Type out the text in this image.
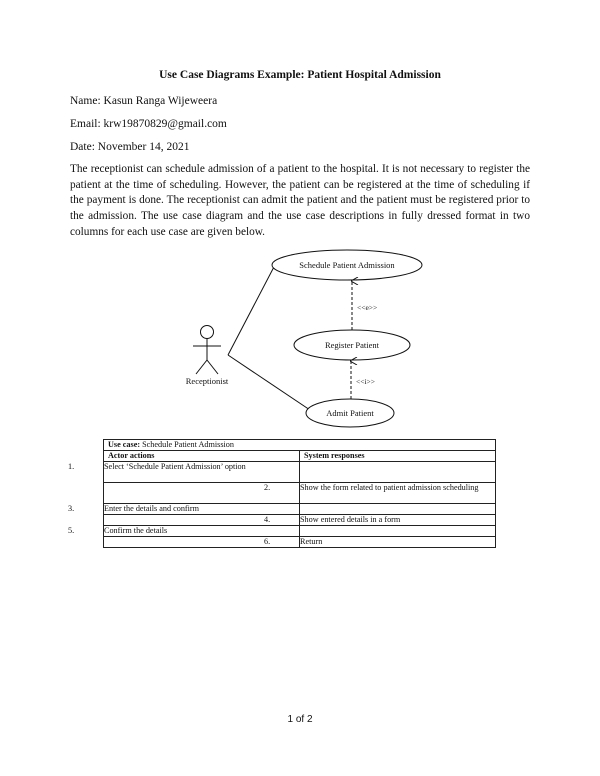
Use Case Diagrams Example: Patient Hospital Admission
Name: Kasun Ranga Wijeweera
Email: krw19870829@gmail.com
Date: November 14, 2021
The receptionist can schedule admission of a patient to the hospital. It is not necessary to register the patient at the time of scheduling. However, the patient can be registered at the time of scheduling if the payment is done. The receptionist can admit the patient and the patient must be registered prior to the admission. The use case diagram and the use case descriptions in fully dressed format in two columns for each use case are given below.
Receptionist
Schedule Patient Admission
Register Patient
Admit Patient
<<e>>
<<i>>
Use case: Schedule Patient Admission	
Actor actions	System responses
1. Select ‘Schedule Patient Admission’ option	
	2. Show the form related to patient admission scheduling
3. Enter the details and confirm	
	4. Show entered details in a form
5. Confirm the details	
	6. Return
1 of 2
